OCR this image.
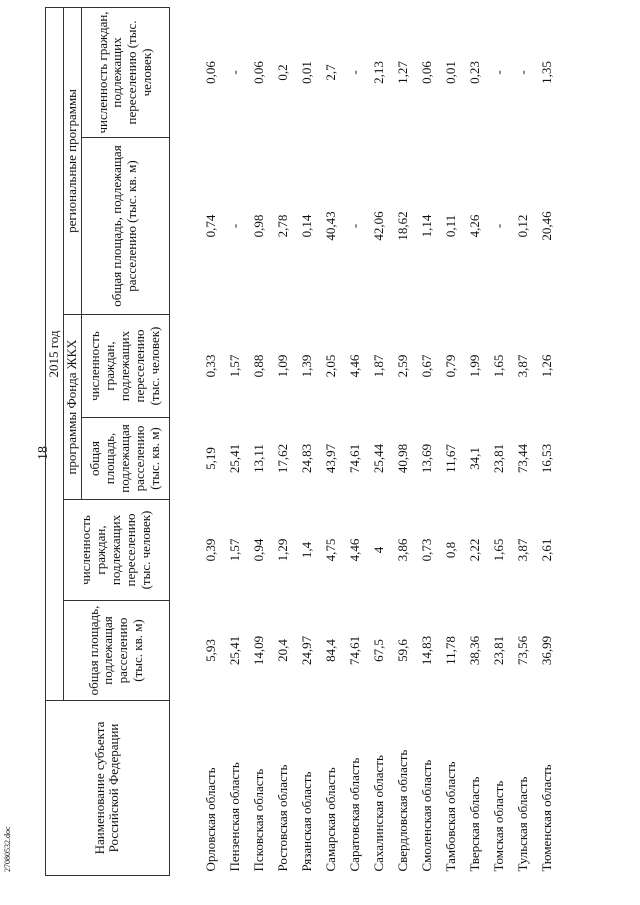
18
27080532.doc	Наименование субъекта Российской Федерации	2015 год					
	общая площадь, подлежащая расселению (тыс. кв. м)	численность граждан, подлежащих переселению (тыс. человек)	программы Фонда ЖКХ		региональные программы	
			общая площадь, подлежащая расселению (тыс. кв. м)	численность граждан, подлежащих переселению (тыс. человек)	общая площадь, подлежащая расселению (тыс. кв. м)	численность граждан, подлежащих переселению (тыс. человек)
Орловская область	5,93	0,39	5,19	0,33	0,74	0,06
Пензенская область	25,41	1,57	25,41	1,57	-	-
Псковская область	14,09	0,94	13,11	0,88	0,98	0,06
Ростовская область	20,4	1,29	17,62	1,09	2,78	0,2
Рязанская область	24,97	1,4	24,83	1,39	0,14	0,01
Самарская область	84,4	4,75	43,97	2,05	40,43	2,7
Саратовская область	74,61	4,46	74,61	4,46	-	-
Сахалинская область	67,5	4	25,44	1,87	42,06	2,13
Свердловская область	59,6	3,86	40,98	2,59	18,62	1,27
Смоленская область	14,83	0,73	13,69	0,67	1,14	0,06
Тамбовская область	11,78	0,8	11,67	0,79	0,11	0,01
Тверская область	38,36	2,22	34,1	1,99	4,26	0,23
Томская область	23,81	1,65	23,81	1,65	-	-
Тульская область	73,56	3,87	73,44	3,87	0,12	-
Тюменская область	36,99	2,61	16,53	1,26	20,46	1,35
